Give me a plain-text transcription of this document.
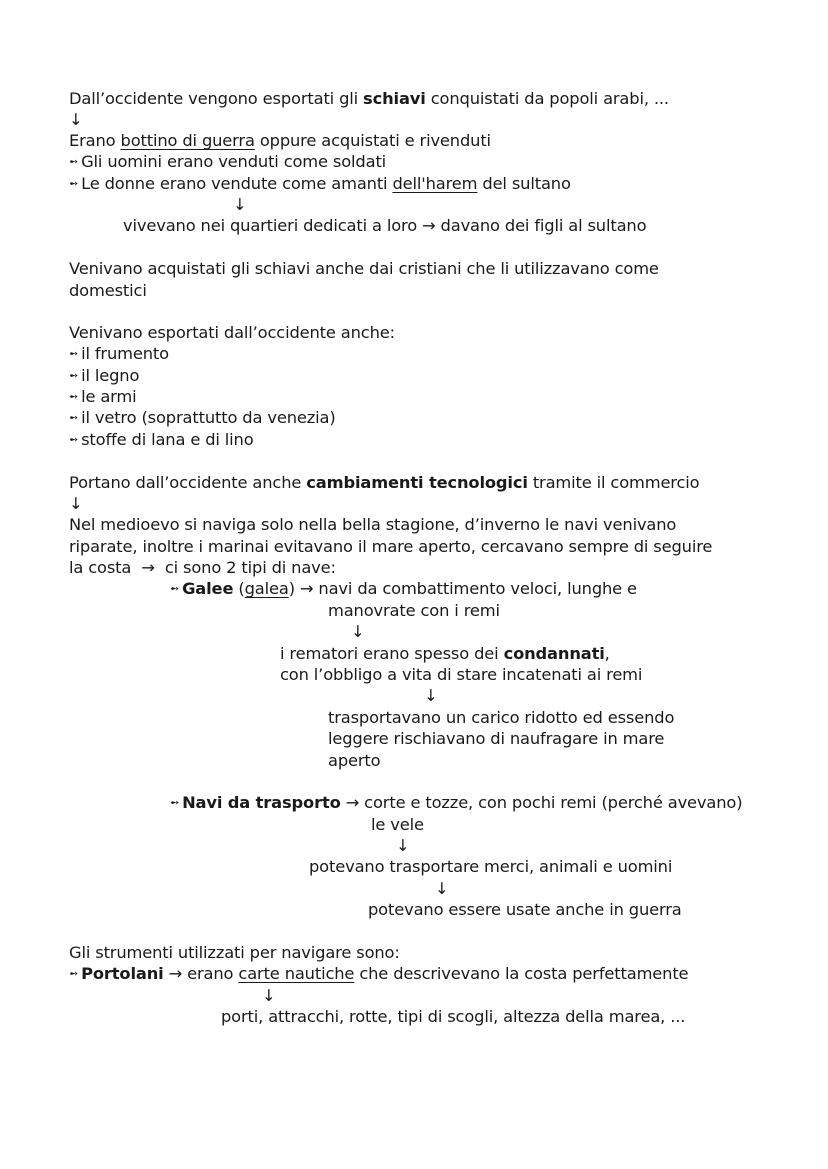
Dall’occidente vengono esportati gli schiavi conquistati da popoli arabi, ...
↓
Erano bottino di guerra oppure acquistati e rivenduti
➻ Gli uomini erano venduti come soldati
➻ Le donne erano vendute come amanti dell'harem del sultano
↓
vivevano nei quartieri dedicati a loro → davano dei figli al sultano
Venivano acquistati gli schiavi anche dai cristiani che li utilizzavano come
domestici
Venivano esportati dall’occidente anche:
➻ il frumento
➻ il legno
➻ le armi
➻ il vetro (soprattutto da venezia)
➻ stoffe di lana e di lino
Portano dall’occidente anche cambiamenti tecnologici tramite il commercio
↓
Nel medioevo si naviga solo nella bella stagione, d’inverno le navi venivano
riparate, inoltre i marinai evitavano il mare aperto, cercavano sempre di seguire
la costa  →  ci sono 2 tipi di nave:
➻ Galee (galea) → navi da combattimento veloci, lunghe e
manovrate con i remi
↓
i rematori erano spesso dei condannati,
con l’obbligo a vita di stare incatenati ai remi
↓
trasportavano un carico ridotto ed essendo
leggere rischiavano di naufragare in mare
aperto
➻ Navi da trasporto → corte e tozze, con pochi remi (perché avevano)
le vele
↓
potevano trasportare merci, animali e uomini
↓
potevano essere usate anche in guerra
Gli strumenti utilizzati per navigare sono:
➻ Portolani → erano carte nautiche che descrivevano la costa perfettamente
↓
porti, attracchi, rotte, tipi di scogli, altezza della marea, ...
